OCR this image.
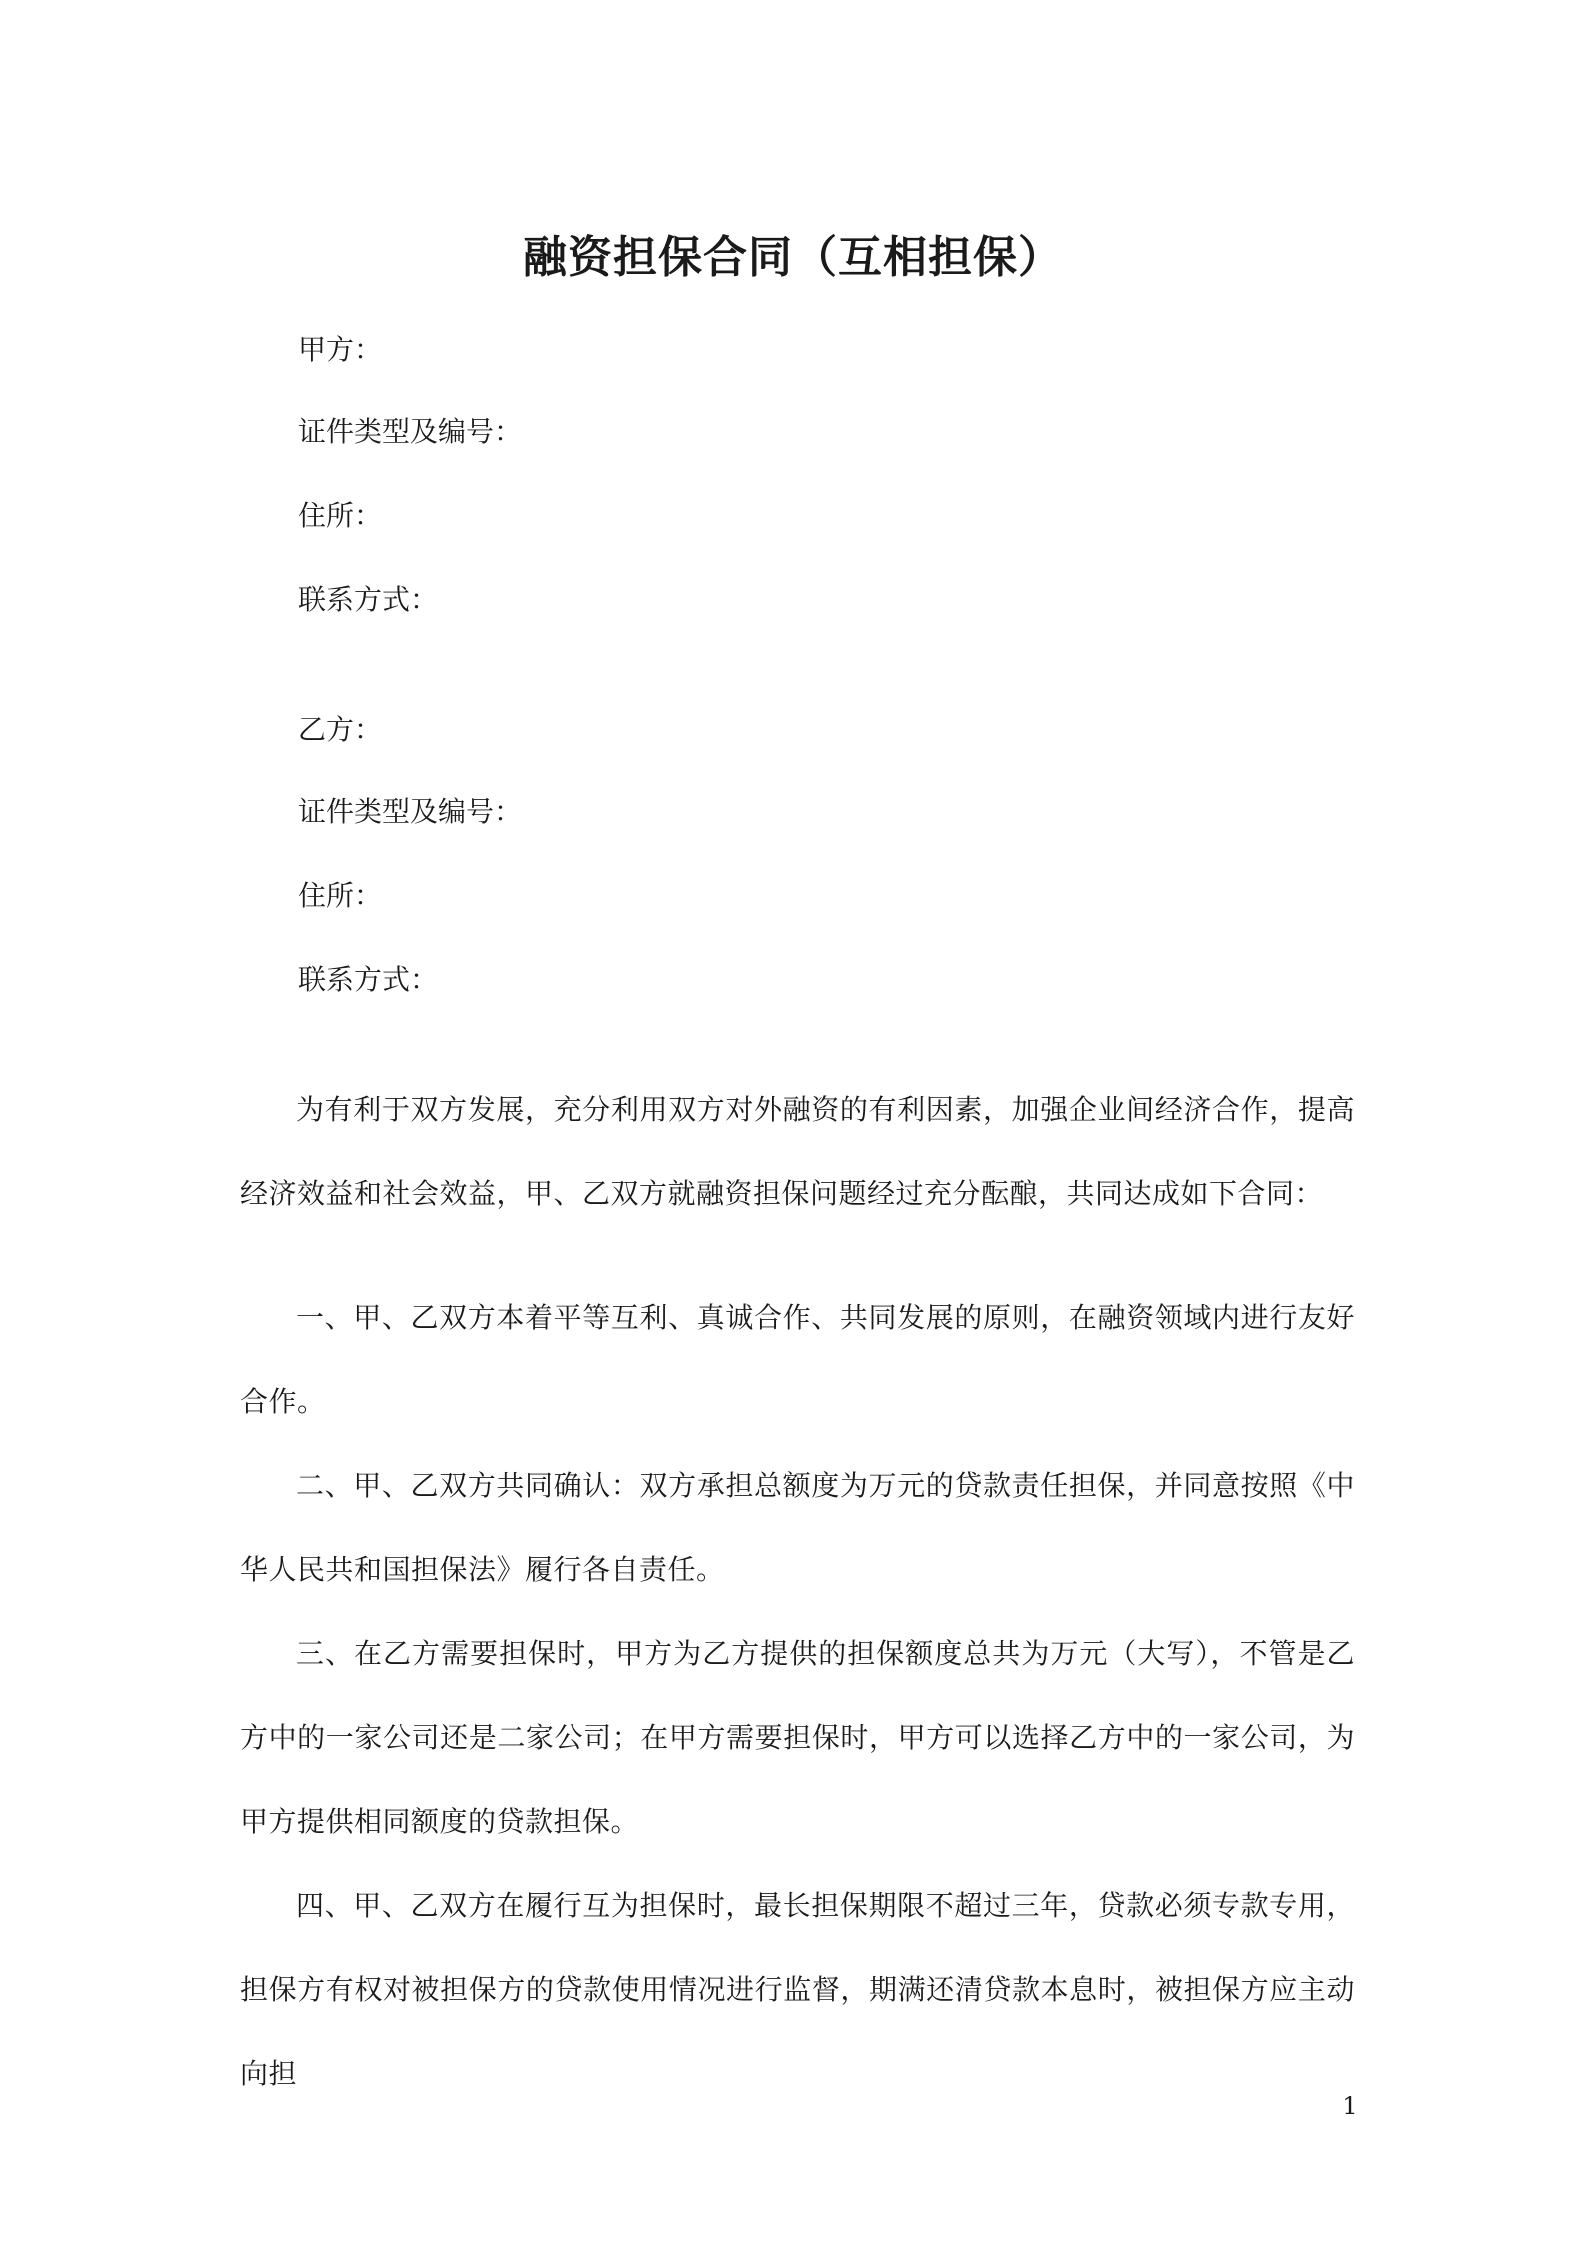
融资担保合同（互相担保）
甲方：
证件类型及编号：
住所：
联系方式：
乙方：
证件类型及编号：
住所：
联系方式：
为有利于双方发展，充分利用双方对外融资的有利因素，加强企业间经济合作，提高经济效益和社会效益，甲、乙双方就融资担保问题经过充分酝酿，共同达成如下合同：
一、甲、乙双方本着平等互利、真诚合作、共同发展的原则，在融资领域内进行友好合作。
二、甲、乙双方共同确认：双方承担总额度为万元的贷款责任担保，并同意按照《中华人民共和国担保法》履行各自责任。
三、在乙方需要担保时，甲方为乙方提供的担保额度总共为万元（大写），不管是乙方中的一家公司还是二家公司；在甲方需要担保时，甲方可以选择乙方中的一家公司，为甲方提供相同额度的贷款担保。
四、甲、乙双方在履行互为担保时，最长担保期限不超过三年，贷款必须专款专用，担保方有权对被担保方的贷款使用情况进行监督，期满还清贷款本息时，被担保方应主动向担
1
